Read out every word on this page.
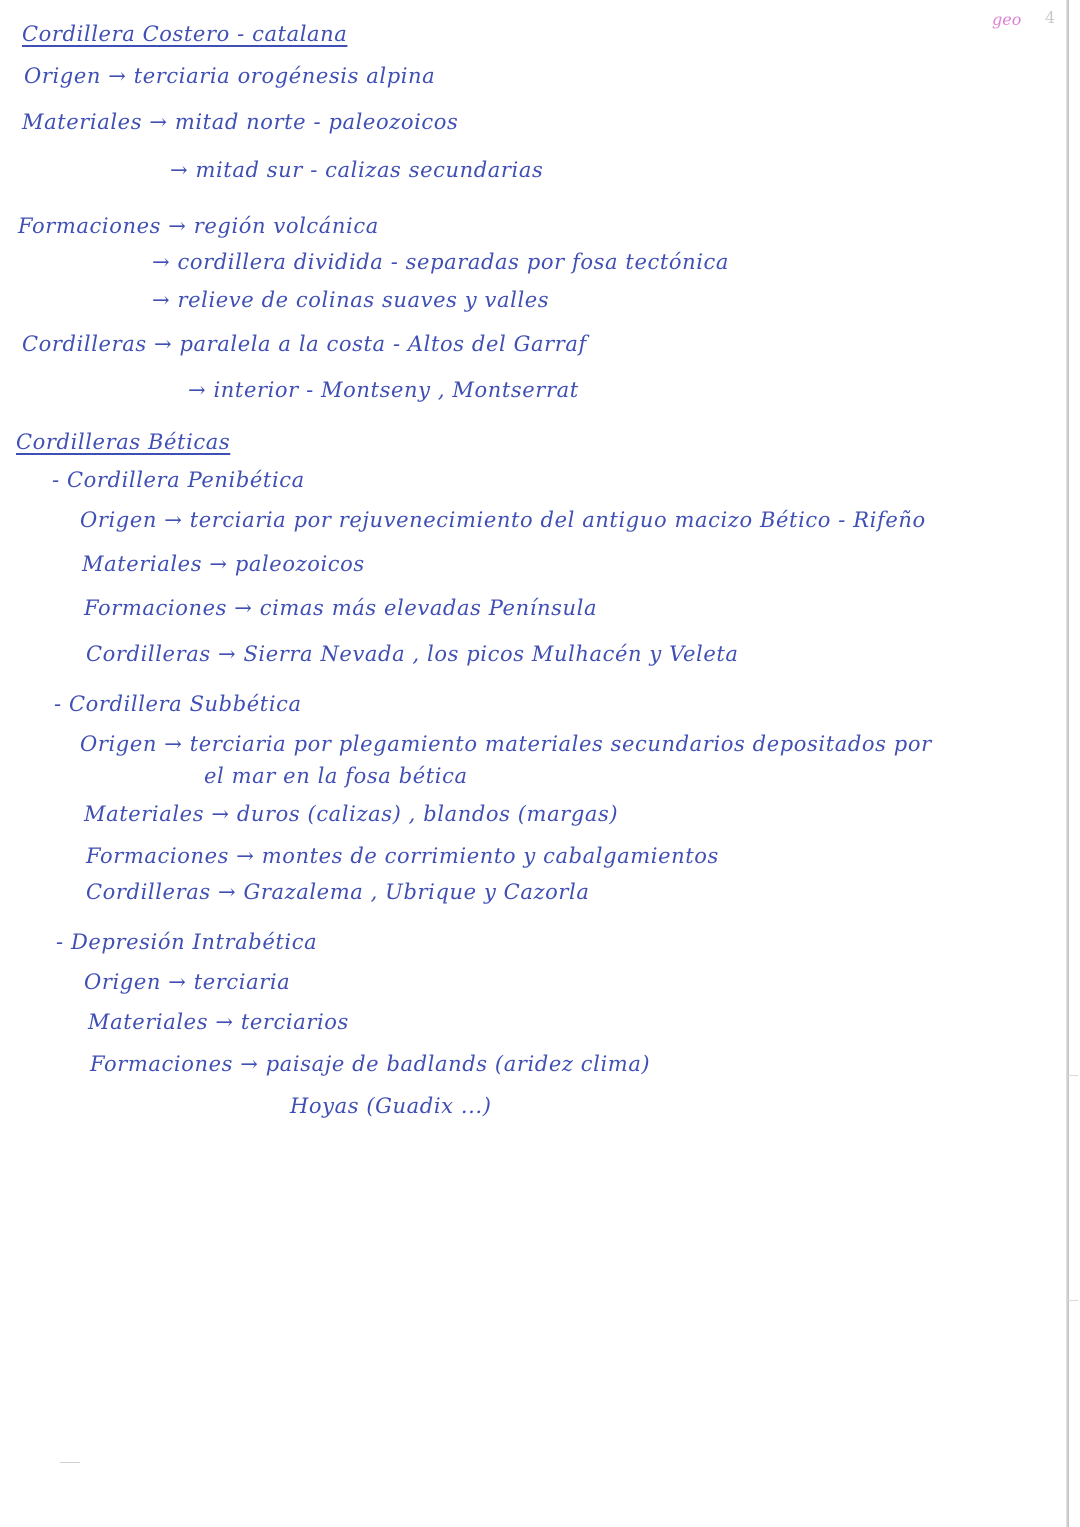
geo 4
Cordillera Costero - catalana
Origen → terciaria orogénesis alpina
Materiales → mitad norte - paleozoicos
→ mitad sur - calizas secundarias
Formaciones → región volcánica
→ cordillera dividida - separadas por fosa tectónica
→ relieve de colinas suaves y valles
Cordilleras → paralela a la costa - Altos del Garraf
→ interior - Montseny , Montserrat
Cordilleras Béticas
- Cordillera Penibética
Origen → terciaria por rejuvenecimiento del antiguo macizo Bético - Rifeño
Materiales → paleozoicos
Formaciones → cimas más elevadas Península
Cordilleras → Sierra Nevada , los picos Mulhacén y Veleta
- Cordillera Subbética
Origen → terciaria por plegamiento materiales secundarios depositados por
el mar en la fosa bética
Materiales → duros (calizas) , blandos (margas)
Formaciones → montes de corrimiento y cabalgamientos
Cordilleras → Grazalema , Ubrique y Cazorla
- Depresión Intrabética
Origen → terciaria
Materiales → terciarios
Formaciones → paisaje de badlands (aridez clima)
Hoyas (Guadix ...)
